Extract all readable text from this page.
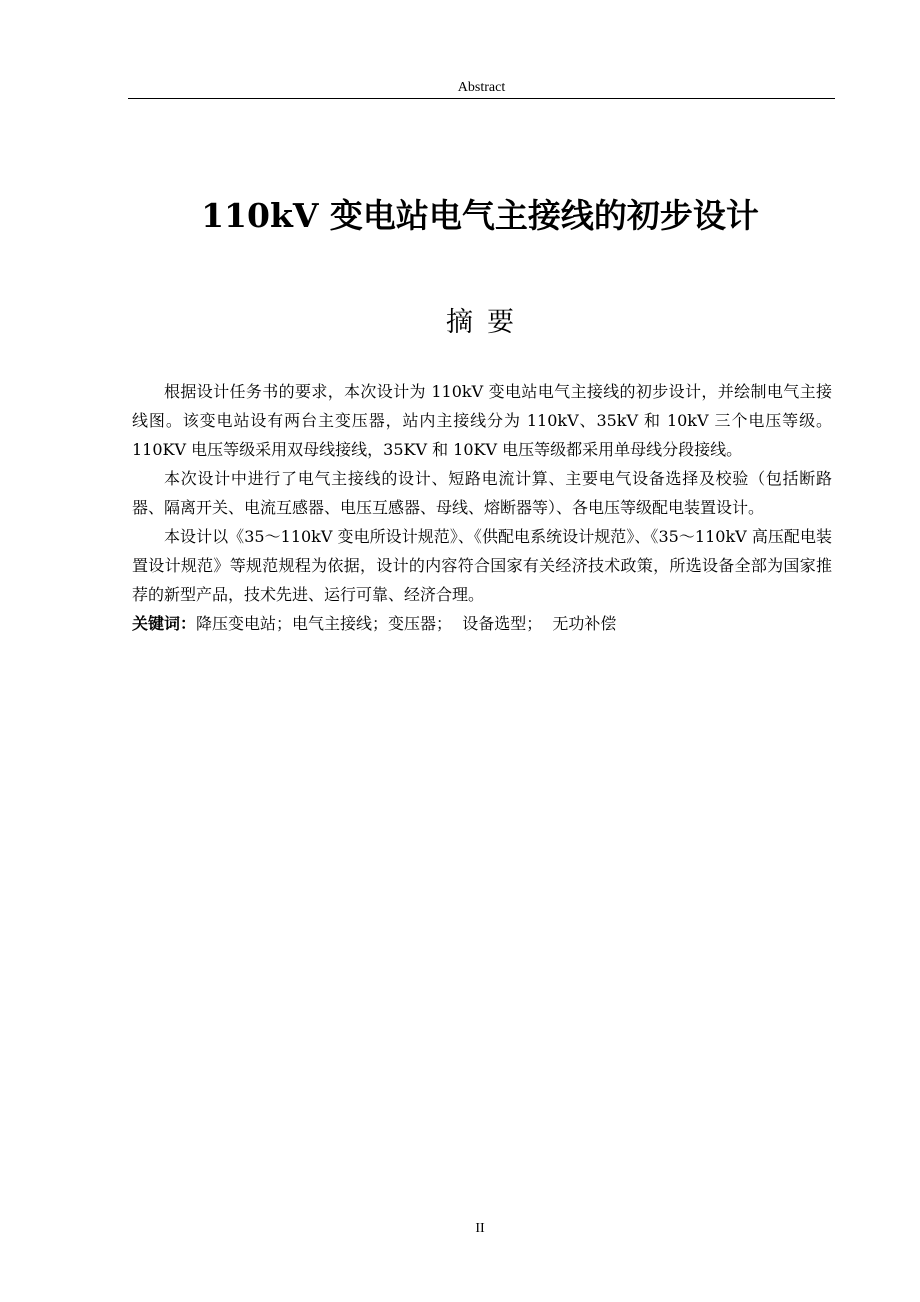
Abstract
110kV 变电站电气主接线的初步设计
摘要

根据设计任务书的要求，本次设计为 110kV 变电站电气主接线的初步设计，并绘制电气主接线图。该变电站设有两台主变压器，站内主接线分为 110kV、35kV 和 10kV 三个电压等级。110KV 电压等级采用双母线接线，35KV 和 10KV 电压等级都采用单母线分段接线。

本次设计中进行了电气主接线的设计、短路电流计算、主要电气设备选择及校验（包括断路器、隔离开关、电流互感器、电压互感器、母线、熔断器等）、各电压等级配电装置设计。

本设计以《35～110kV 变电所设计规范》、《供配电系统设计规范》、《35～110kV 高压配电装置设计规范》等规范规程为依据，设计的内容符合国家有关经济技术政策，所选设备全部为国家推荐的新型产品，技术先进、运行可靠、经济合理。

关键词：降压变电站；电气主接线；变压器；  设备选型；  无功补偿

II
